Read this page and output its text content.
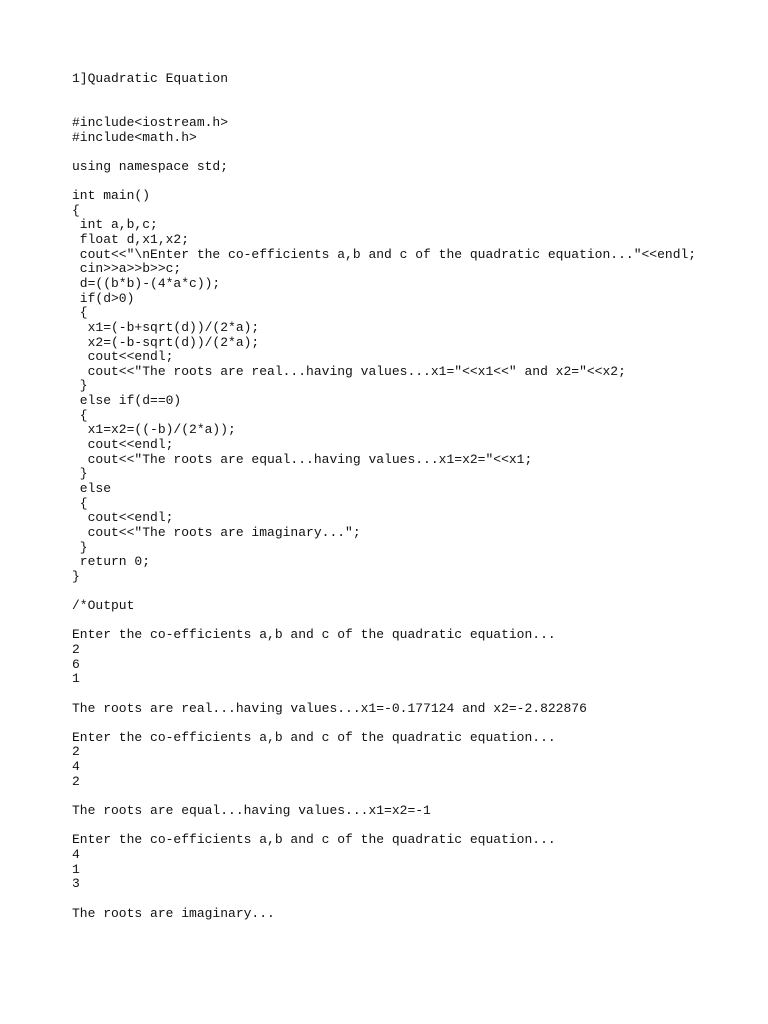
1]Quadratic Equation
#include<iostream.h>
#include<math.h>
using namespace std;
int main()
{
int a,b,c;
float d,x1,x2;
cout<<"\nEnter the co-efficients a,b and c of the quadratic equation..."<<endl;
cin>>a>>b>>c;
d=((b*b)-(4*a*c));
if(d>0)
{
x1=(-b+sqrt(d))/(2*a);
x2=(-b-sqrt(d))/(2*a);
cout<<endl;
cout<<"The roots are real...having values...x1="<<x1<<" and x2="<<x2;
}
else if(d==0)
{
x1=x2=((-b)/(2*a));
cout<<endl;
cout<<"The roots are equal...having values...x1=x2="<<x1;
}
else
{
cout<<endl;
cout<<"The roots are imaginary...";
}
return 0;
}
/*Output
Enter the co-efficients a,b and c of the quadratic equation...
2
6
1
The roots are real...having values...x1=-0.177124 and x2=-2.822876
Enter the co-efficients a,b and c of the quadratic equation...
2
4
2
The roots are equal...having values...x1=x2=-1
Enter the co-efficients a,b and c of the quadratic equation...
4
1
3
The roots are imaginary...
